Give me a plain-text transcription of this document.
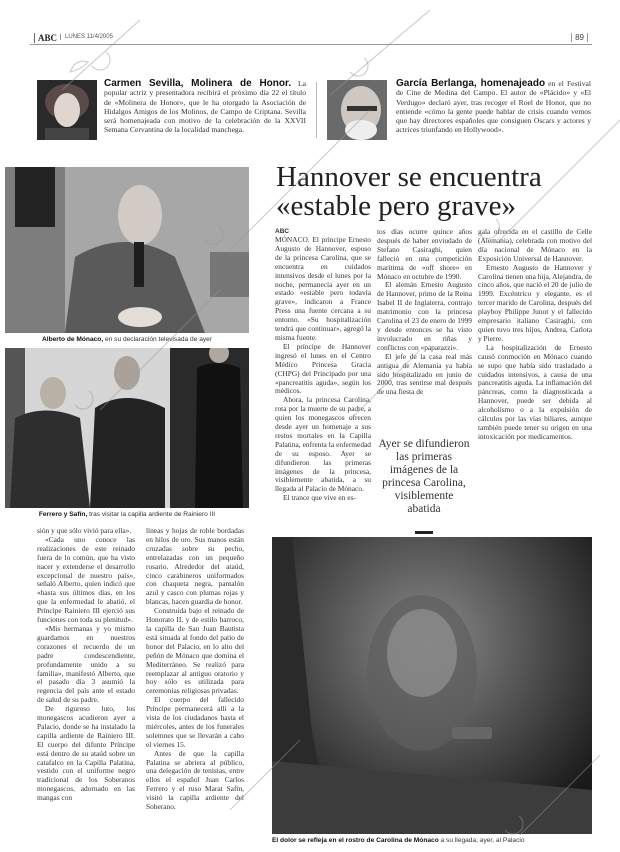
ABC	LUNES 11/4/2005	89

Carmen Sevilla, Molinera de Honor. La popular actriz y presentadora recibirá el próximo día 22 el título de «Molinera de Honor», que le ha otorgado la Asociación de Hidalgos Amigos de los Molinos, de Campo de Criptana. Sevilla será homenajeada con motivo de la celebración de la XXVII Semana Cervantina de la localidad manchega.

García Berlanga, homenajeado en el Festival de Cine de Medina del Campo. El autor de «Plácido» y «El Verdugo» declaró ayer, tras recoger el Roel de Honor, que no entiende «cómo la gente puede hablar de crisis cuando vemos que hay directores españoles que consiguen Oscars y actores y actrices triunfando en Hollywood».

Alberto de Mónaco, en su declaración televisada de ayer

Ferrero y Safín, tras visitar la capilla ardiente de Rainiero III

sión y que sólo vivió para ella».

«Cada uno conoce las realizaciones de este reinado fuera de lo común, que ha visto nacer y extenderse el desarrollo excepcional de nuestro país», señaló Alberto, quien indicó que «hasta sus últimos días, en los que la enfermedad le abatió, el Príncipe Rainiero III ejerció sus funciones con toda su plenitud».

«Mis hermanas y yo mismo guardamos en nuestros corazones el recuerdo de un padre condescendiente, profundamente unido a su familia», manifestó Alberto, que el pasado día 3 asumió la regencia del país ante el estado de salud de su padre.

De riguroso luto, los monegascos acudieron ayer a Palacio, donde se ha instalado la capilla ardiente de Rainiero III. El cuerpo del difunto Príncipe está dentro de su ataúd sobre un catafalco en la Capilla Palatina, vestido con el uniforme negro tradicional de los Soberanos monegascos, adornado en las mangas con

líneas y hojas de roble bordadas en hilos de oro. Sus manos están cruzadas sobre su pecho, entrelazadas con un pequeño rosario. Alrededor del ataúd, cinco carabineros uniformados con chaqueta negra, pantalón azul y casco con plumas rojas y blancas, hacen guardia de honor.

Construida bajo el reinado de Honorato II, y de estilo barroco, la capilla de San Juan Bautista está situada al fondo del patio de honor del Palacio, en lo alto del peñón de Mónaco que domina el Mediterráneo. Se realizó para reemplazar al antiguo oratorio y hoy sólo es utilizada para ceremonias religiosas privadas.

El cuerpo del fallecido Príncipe permanecerá allí a la vista de los ciudadanos hasta el miércoles, antes de los funerales solemnes que se llevarán a cabo el viernes 15.

Antes de que la capilla Palatina se abriera al público, una delegación de tenistas, entre ellos el español Juan Carlos Ferrero y el ruso Marat Safin, visitó la capilla ardiente del Soberano.

Hannover se encuentra «estable pero grave»

ABC

MÓNACO. El príncipe Ernesto Augusto de Hannover, esposo de la princesa Carolina, que se encuentra en cuidados intensivos desde el lunes por la noche, permanecía ayer en un estado «estable pero todavía grave», indicaron a France Press una fuente cercana a su entorno. «Su hospitalización tendrá que continuar», agregó la misma fuente.

El príncipe de Hannover ingresó el lunes en el Centro Médico Princesa Gracia (CHPG) del Principado por una «pancreatitis aguda», según los médicos.

Ahora, la princesa Carolina, rota por la muerte de su padre, a quien los monegascos ofrecen desde ayer un homenaje a sus restos mortales en la Capilla Palatina, enfrenta la enfermedad de su esposo. Ayer se difundieron las primeras imágenes de la princesa, visiblemente abatida, a su llegada al Palacio de Mónaco.

El trance que vive en es-

tos días ocurre quince años después de haber enviudado de Stefano Casiraghi, quien falleció en una competición marítima de «off shore» en Mónaco en octubre de 1990.

El alemán Ernesto Augusto de Hannover, primo de la Reina Isabel II de Inglaterra, contrajo matrimonio con la princesa Carolina el 23 de enero de 1999 y desde entonces se ha visto involucrado en riñas y conflictos con «paparazzi».

El jefe de la casa real más antigua de Alemania ya había sido hospitalizado en junio de 2000, tras sentirse mal después de una fiesta de

Ayer se difundieron las primeras imágenes de la princesa Carolina, visiblemente abatida

gala ofrecida en el castillo de Celle (Alemania), celebrada con motivo del día nacional de Mónaco en la Exposición Universal de Hannover.

Ernesto Augusto de Hannover y Carolina tienen una hija, Alejandra, de cinco años, que nació el 20 de julio de 1999. Excéntrico y elegante, es el tercer marido de Carolina, después del playboy Philippe Junot y el fallecido empresario italiano Casiraghi, con quien tuvo tres hijos, Andrea, Carlota y Pierre.

La hospitalización de Ernesto causó conmoción en Mónaco cuando se supo que había sido trasladado a cuidados intensivos, a causa de una pancreatitis aguda. La inflamación del páncreas, como la diagnosticada a Hannover, puede ser debida al alcoholismo o a la expulsión de cálculos por las vías biliares, aunque también puede tener su origen en una intoxicación por medicamentos.

El dolor se refleja en el rostro de Carolina de Mónaco a su llegada, ayer, al Palacio
